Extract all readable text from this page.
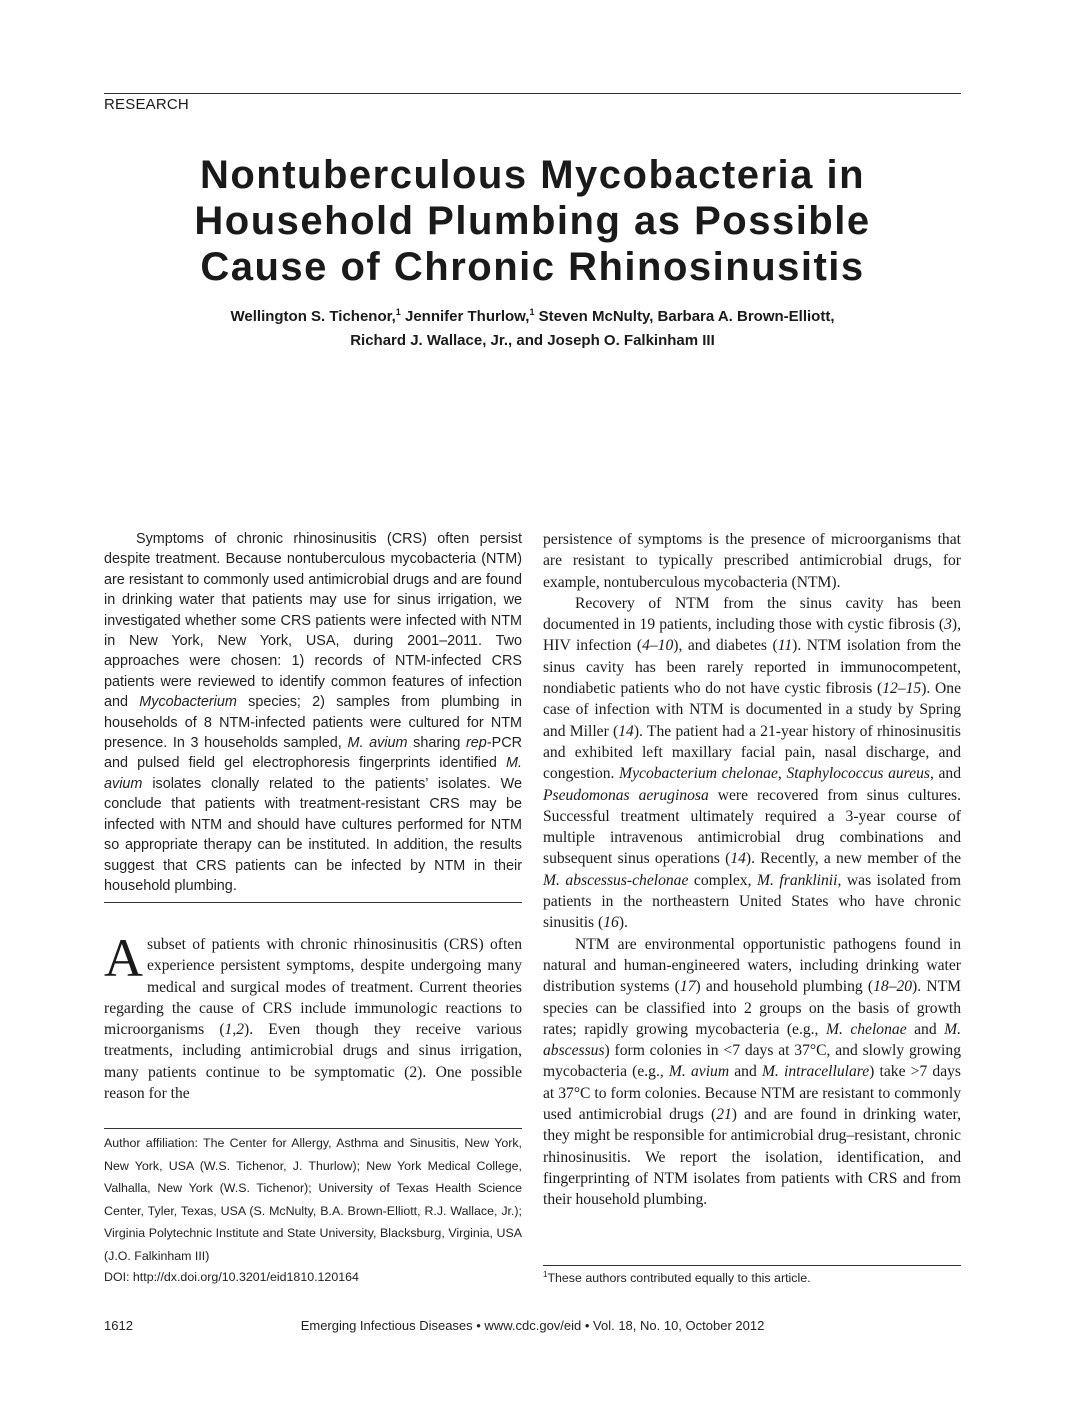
RESEARCH
Nontuberculous Mycobacteria in
Household Plumbing as Possible
Cause of Chronic Rhinosinusitis
Wellington S. Tichenor,$^1$ Jennifer Thurlow,$^1$ Steven McNulty, Barbara A. Brown-Elliott,
Richard J. Wallace, Jr., and Joseph O. Falkinham III

Symptoms of chronic rhinosinusitis (CRS) often persist despite treatment. Because nontuberculous mycobacteria (NTM) are resistant to commonly used antimicrobial drugs and are found in drinking water that patients may use for sinus irrigation, we investigated whether some CRS patients were infected with NTM in New York, New York, USA, during 2001–2011. Two approaches were chosen: 1) records of NTM-infected CRS patients were reviewed to identify common features of infection and Mycobacterium species; 2) samples from plumbing in households of 8 NTM-infected patients were cultured for NTM presence. In 3 households sampled, M. avium sharing rep-PCR and pulsed field gel electrophoresis fingerprints identified M. avium isolates clonally related to the patients’ isolates. We conclude that patients with treatment-resistant CRS may be infected with NTM and should have cultures performed for NTM so appropriate therapy can be instituted. In addition, the results suggest that CRS patients can be infected by NTM in their household plumbing.

A subset of patients with chronic rhinosinusitis (CRS) often experience persistent symptoms, despite undergoing many medical and surgical modes of treatment. Current theories regarding the cause of CRS include immunologic reactions to microorganisms (1,2). Even though they receive various treatments, including antimicrobial drugs and sinus irrigation, many patients continue to be symptomatic (2). One possible reason for the

Author affiliation: The Center for Allergy, Asthma and Sinusitis, New York, New York, USA (W.S. Tichenor, J. Thurlow); New York Medical College, Valhalla, New York (W.S. Tichenor); University of Texas Health Science Center, Tyler, Texas, USA (S. McNulty, B.A. Brown-Elliott, R.J. Wallace, Jr.); Virginia Polytechnic Institute and State University, Blacksburg, Virginia, USA (J.O. Falkinham III)
DOI: http://dx.doi.org/10.3201/eid1810.120164

persistence of symptoms is the presence of microorganisms that are resistant to typically prescribed antimicrobial drugs, for example, nontuberculous mycobacteria (NTM).

Recovery of NTM from the sinus cavity has been documented in 19 patients, including those with cystic fibrosis (3), HIV infection (4–10), and diabetes (11). NTM isolation from the sinus cavity has been rarely reported in immunocompetent, nondiabetic patients who do not have cystic fibrosis (12–15). One case of infection with NTM is documented in a study by Spring and Miller (14). The patient had a 21-year history of rhinosinusitis and exhibited left maxillary facial pain, nasal discharge, and congestion. Mycobacterium chelonae, Staphylococcus aureus, and Pseudomonas aeruginosa were recovered from sinus cultures. Successful treatment ultimately required a 3-year course of multiple intravenous antimicrobial drug combinations and subsequent sinus operations (14). Recently, a new member of the M. abscessus-chelonae complex, M. franklinii, was isolated from patients in the northeastern United States who have chronic sinusitis (16).

NTM are environmental opportunistic pathogens found in natural and human-engineered waters, including drinking water distribution systems (17) and household plumbing (18–20). NTM species can be classified into 2 groups on the basis of growth rates; rapidly growing mycobacteria (e.g., M. chelonae and M. abscessus) form colonies in <7 days at 37°C, and slowly growing mycobacteria (e.g., M. avium and M. intracellulare) take >7 days at 37°C to form colonies. Because NTM are resistant to commonly used antimicrobial drugs (21) and are found in drinking water, they might be responsible for antimicrobial drug–resistant, chronic rhinosinusitis. We report the isolation, identification, and fingerprinting of NTM isolates from patients with CRS and from their household plumbing.

$^1$These authors contributed equally to this article.
Emerging Infectious Diseases • www.cdc.gov/eid • Vol. 18, No. 10, October 2012
1612
